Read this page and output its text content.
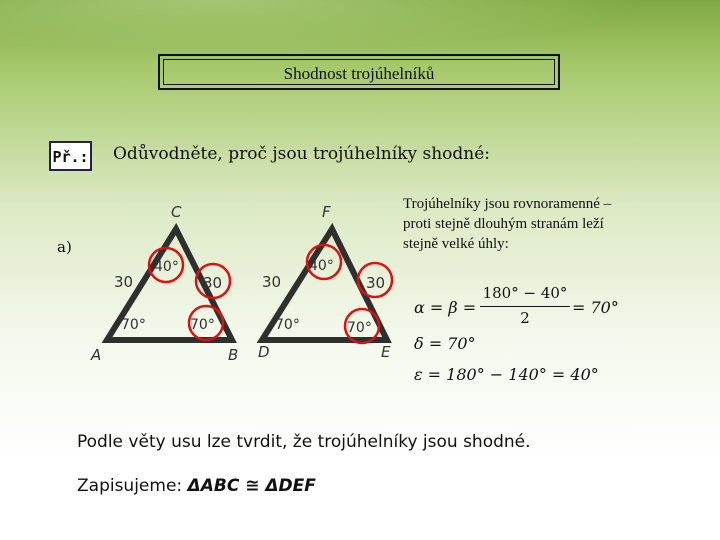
Shodnost trojúhelníků
Př.: Odůvodněte, proč jsou trojúhelníky shodné:
a)
C
A	B
F
D	E
30	30
40°
70°	70°
30	30
40°
70°	70°
Trojúhelníky jsou rovnoramenné –
proti stejně dlouhým stranám leží
stejně velké úhly:
α = β =
180° − 40°
2
= 70°
δ = 70°
ε = 180° − 140° = 40°
Podle věty usu lze tvrdit, že trojúhelníky jsou shodné.
Zapisujeme: ΔABC ≅ ΔDEF
